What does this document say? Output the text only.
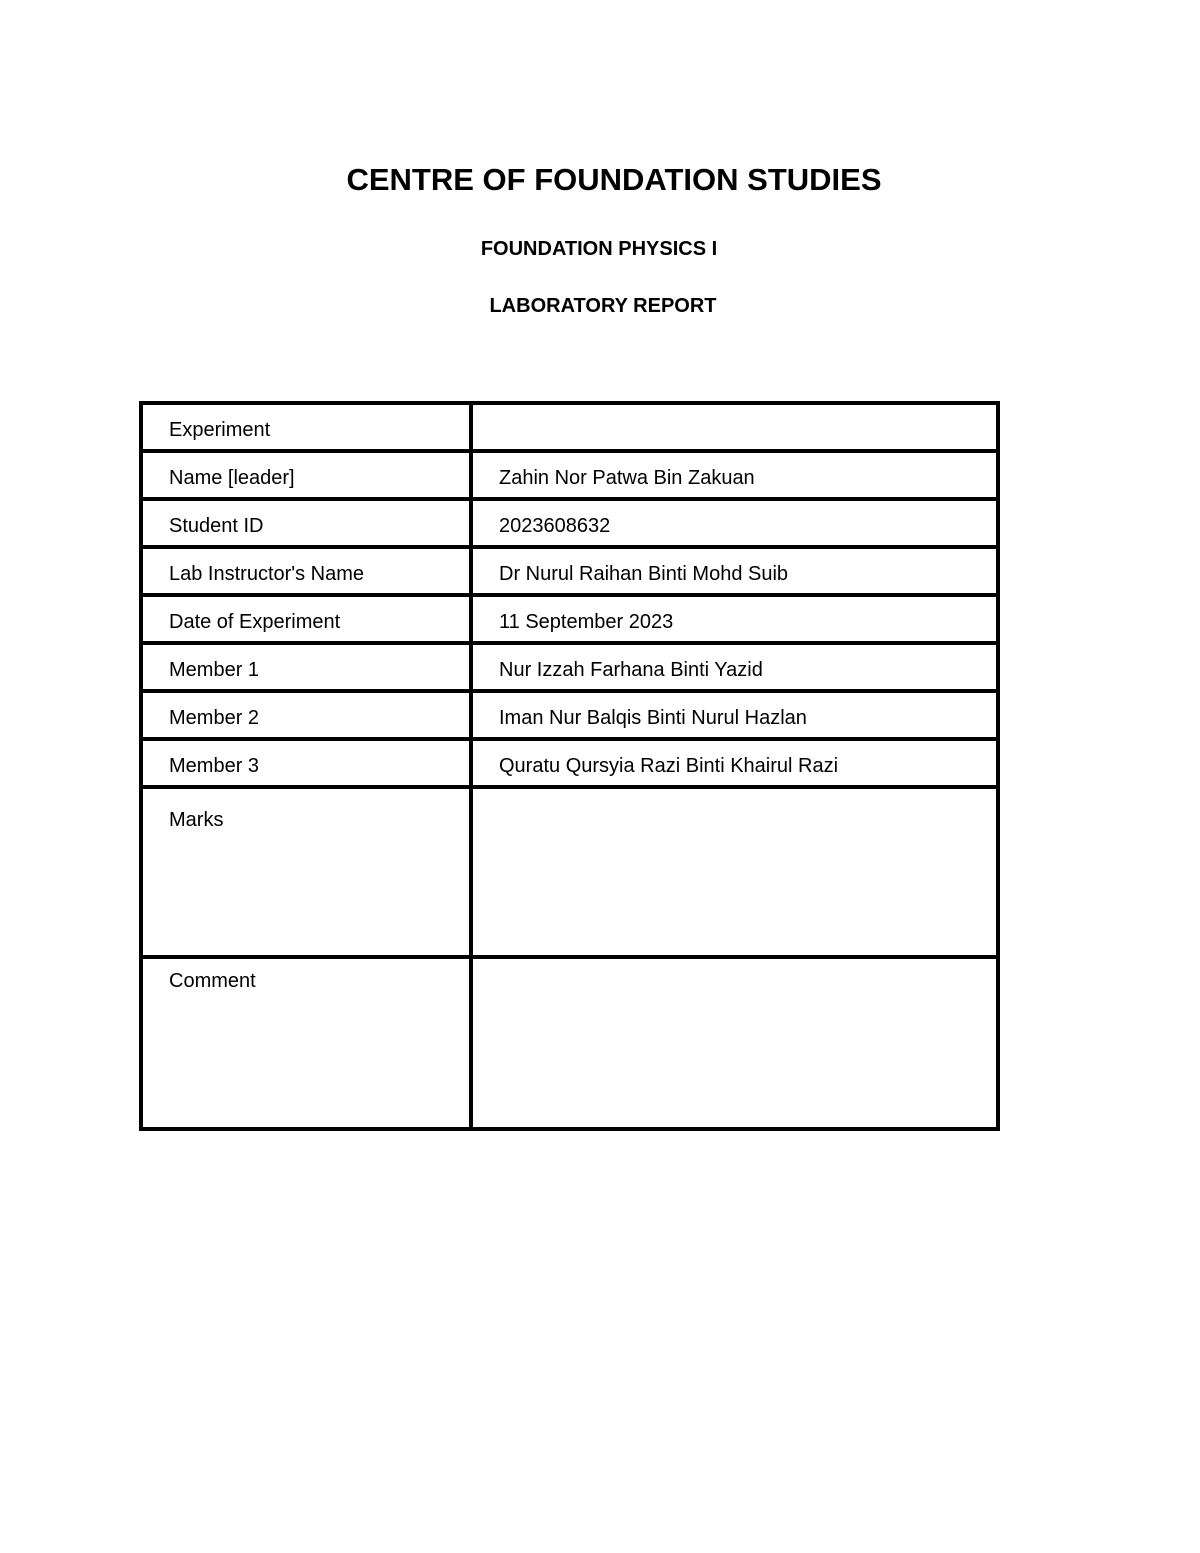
CENTRE OF FOUNDATION STUDIES
FOUNDATION PHYSICS I
LABORATORY REPORT
Experiment	
Name [leader]	Zahin Nor Patwa Bin Zakuan
Student ID	2023608632
Lab Instructor's Name	Dr Nurul Raihan Binti Mohd Suib
Date of Experiment	11 September 2023
Member 1	Nur Izzah Farhana Binti Yazid
Member 2	Iman Nur Balqis Binti Nurul Hazlan
Member 3	Quratu Qursyia Razi Binti Khairul Razi
Marks	
Comment	
